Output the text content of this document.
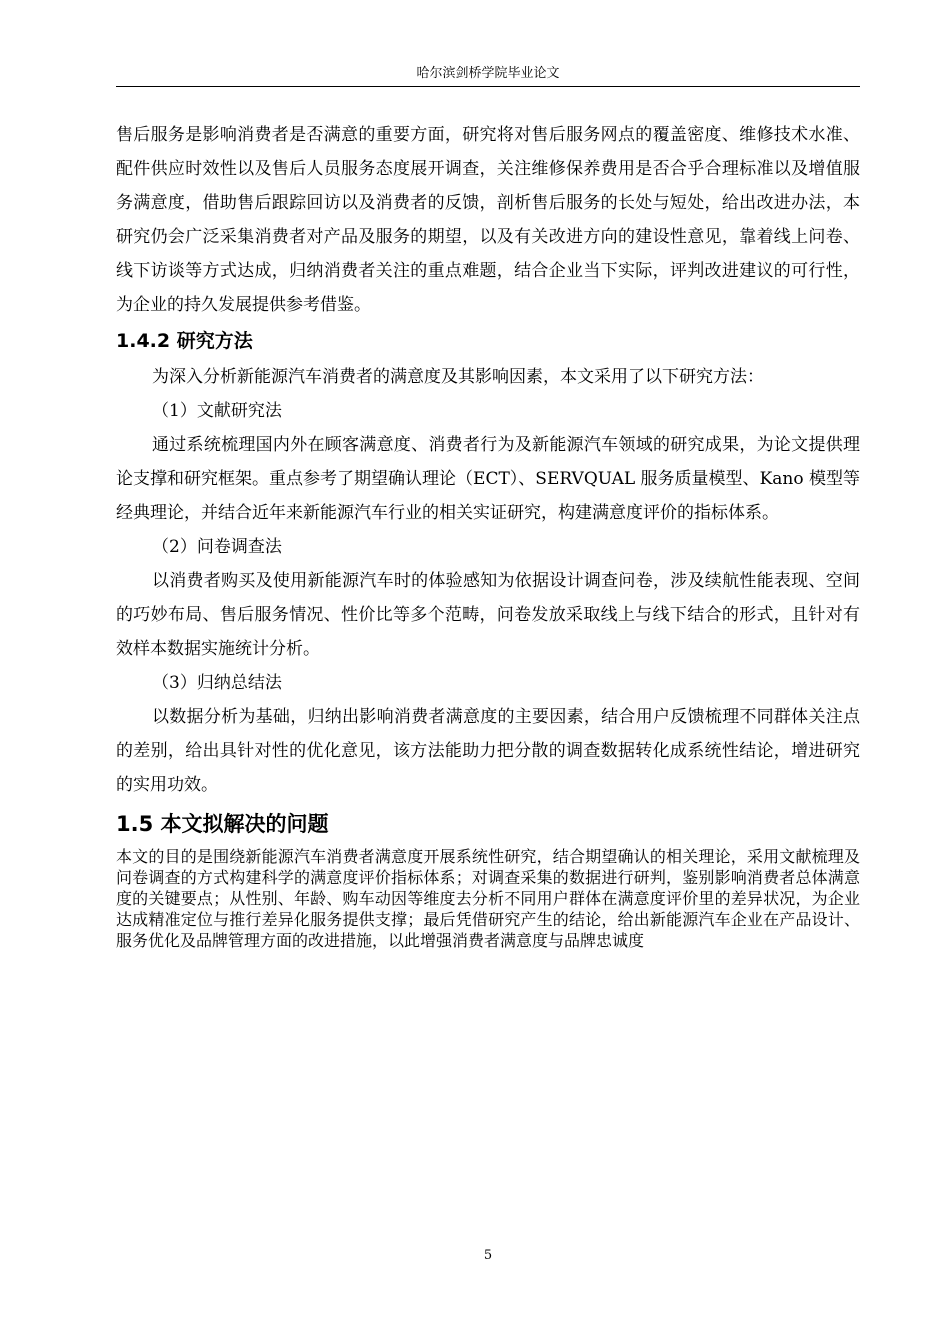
哈尔滨剑桥学院毕业论文

售后服务是影响消费者是否满意的重要方面，研究将对售后服务网点的覆盖密度、维修技术水准、配件供应时效性以及售后人员服务态度展开调查，关注维修保养费用是否合乎合理标准以及增值服务满意度，借助售后跟踪回访以及消费者的反馈，剖析售后服务的长处与短处，给出改进办法，本研究仍会广泛采集消费者对产品及服务的期望，以及有关改进方向的建设性意见，靠着线上问卷、线下访谈等方式达成，归纳消费者关注的重点难题，结合企业当下实际，评判改进建议的可行性，为企业的持久发展提供参考借鉴。

1.4.2 研究方法

为深入分析新能源汽车消费者的满意度及其影响因素，本文采用了以下研究方法：

（1）文献研究法

通过系统梳理国内外在顾客满意度、消费者行为及新能源汽车领域的研究成果，为论文提供理论支撑和研究框架。重点参考了期望确认理论（ECT）、SERVQUAL 服务质量模型、Kano 模型等经典理论，并结合近年来新能源汽车行业的相关实证研究，构建满意度评价的指标体系。

（2）问卷调查法

以消费者购买及使用新能源汽车时的体验感知为依据设计调查问卷，涉及续航性能表现、空间的巧妙布局、售后服务情况、性价比等多个范畴，问卷发放采取线上与线下结合的形式，且针对有效样本数据实施统计分析。

（3）归纳总结法

以数据分析为基础，归纳出影响消费者满意度的主要因素，结合用户反馈梳理不同群体关注点的差别，给出具针对性的优化意见，该方法能助力把分散的调查数据转化成系统性结论，增进研究的实用功效。

1.5 本文拟解决的问题

本文的目的是围绕新能源汽车消费者满意度开展系统性研究，结合期望确认的相关理论，采用文献梳理及问卷调查的方式构建科学的满意度评价指标体系；对调查采集的数据进行研判，鉴别影响消费者总体满意度的关键要点；从性别、年龄、购车动因等维度去分析不同用户群体在满意度评价里的差异状况，为企业达成精准定位与推行差异化服务提供支撑；最后凭借研究产生的结论，给出新能源汽车企业在产品设计、服务优化及品牌管理方面的改进措施，以此增强消费者满意度与品牌忠诚度

5
